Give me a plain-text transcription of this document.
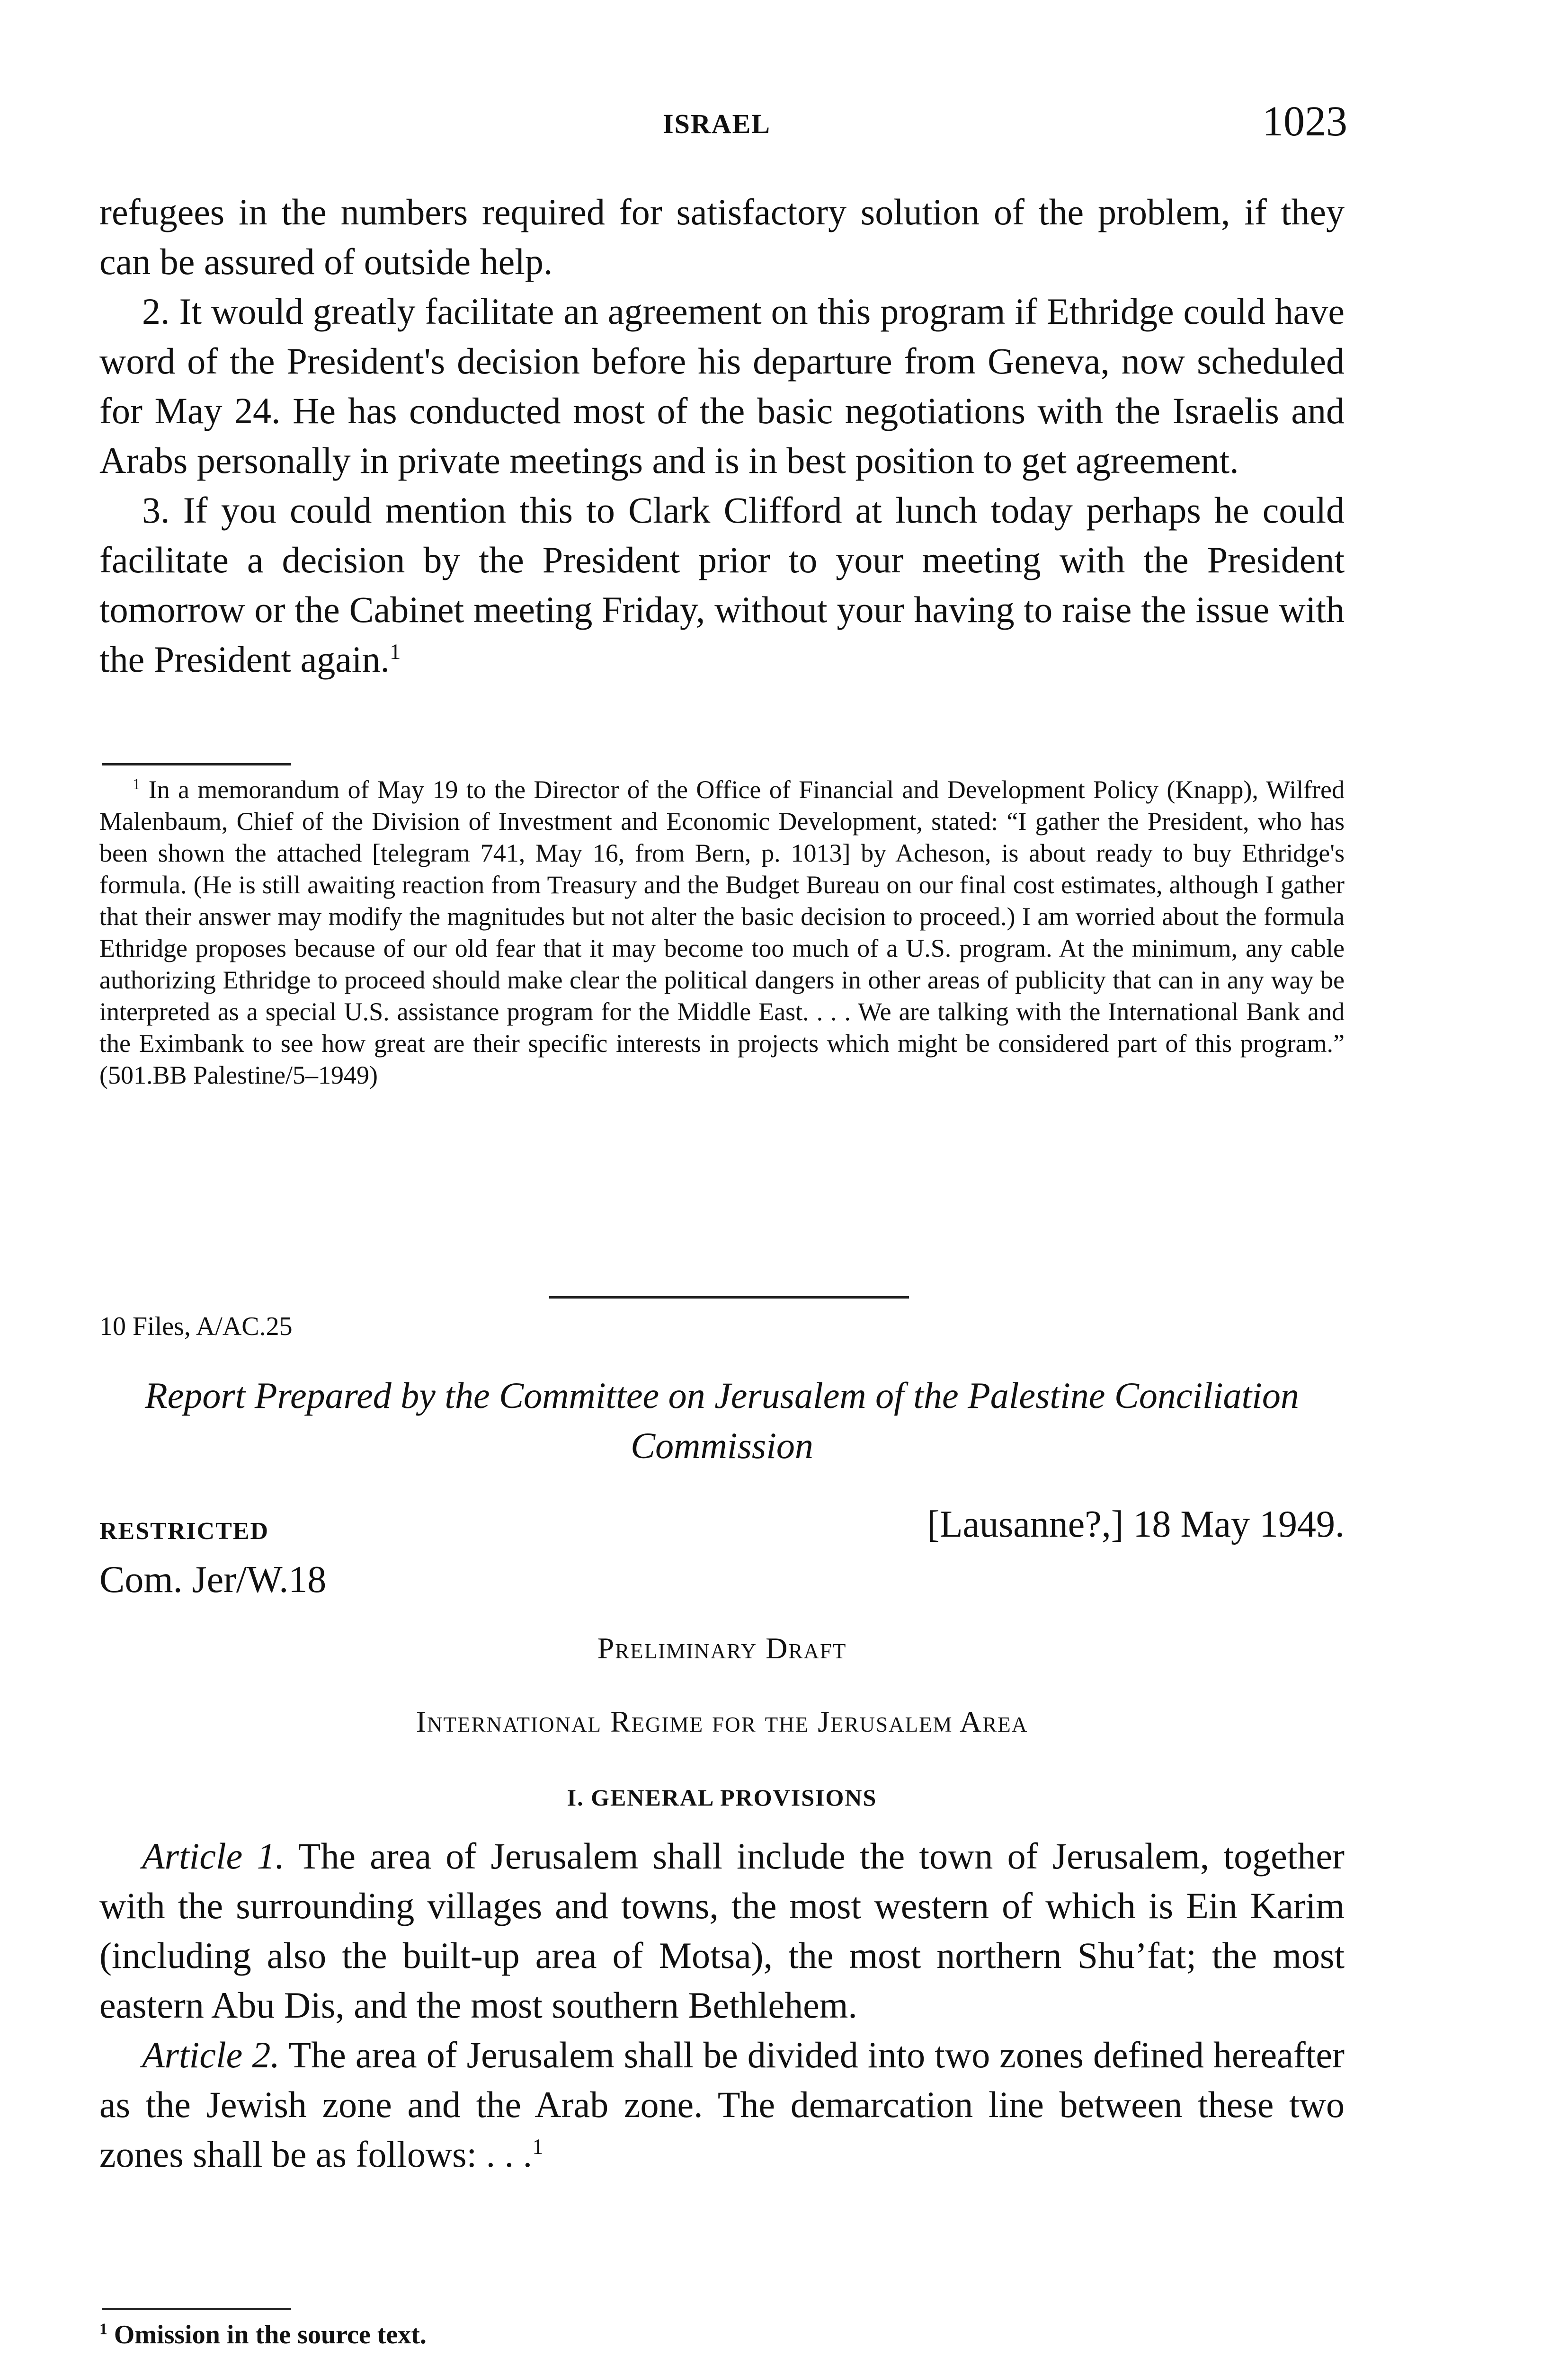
ISRAEL	1023

refugees in the numbers required for satisfactory solution of the problem, if they can be assured of outside help.

2. It would greatly facilitate an agreement on this program if Ethridge could have word of the President's decision before his departure from Geneva, now scheduled for May 24. He has conducted most of the basic negotiations with the Israelis and Arabs personally in private meetings and is in best position to get agreement.

3. If you could mention this to Clark Clifford at lunch today perhaps he could facilitate a decision by the President prior to your meeting with the President tomorrow or the Cabinet meeting Friday, without your having to raise the issue with the President again.$^1$

$^1$ In a memorandum of May 19 to the Director of the Office of Financial and Development Policy (Knapp), Wilfred Malenbaum, Chief of the Division of Investment and Economic Development, stated: “I gather the President, who has been shown the attached [telegram 741, May 16, from Bern, p. 1013] by Acheson, is about ready to buy Ethridge's formula. (He is still awaiting reaction from Treasury and the Budget Bureau on our final cost estimates, although I gather that their answer may modify the magnitudes but not alter the basic decision to proceed.) I am worried about the formula Ethridge proposes because of our old fear that it may become too much of a U.S. program. At the minimum, any cable authorizing Ethridge to proceed should make clear the political dangers in other areas of publicity that can in any way be interpreted as a special U.S. assistance program for the Middle East. . . . We are talking with the International Bank and the Eximbank to see how great are their specific interests in projects which might be considered part of this program.” (501.BB Palestine/5–1949)

10 Files, A/AC.25
Report Prepared by the Committee on Jerusalem of the Palestine Conciliation Commission
RESTRICTED	[Lausanne?,] 18 May 1949.
Com. Jer/W.18
Preliminary Draft
International Regime for the Jerusalem Area
I. GENERAL PROVISIONS

Article 1. The area of Jerusalem shall include the town of Jerusalem, together with the surrounding villages and towns, the most western of which is Ein Karim (including also the built-up area of Motsa), the most northern Shu’fat; the most eastern Abu Dis, and the most southern Bethlehem.

Article 2. The area of Jerusalem shall be divided into two zones defined hereafter as the Jewish zone and the Arab zone. The demarcation line between these two zones shall be as follows: . . .$^1$

$^1$ Omission in the source text.
